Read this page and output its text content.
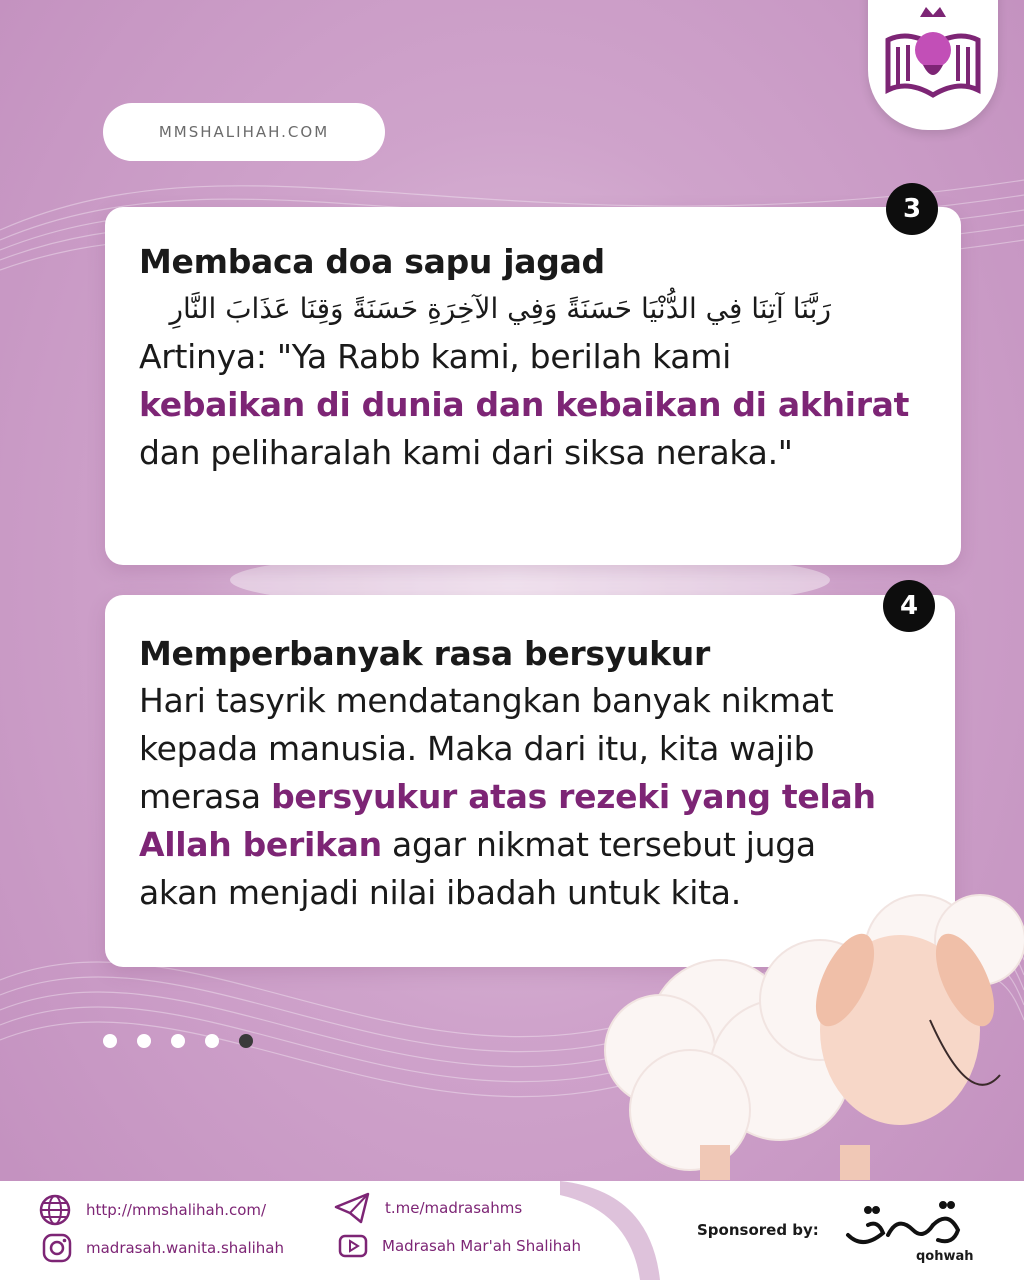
MMSHALIHAH.COM
Membaca doa sapu jagad
رَبَّنَا آتِنَا فِي الدُّنْيَا حَسَنَةً وَفِي الآخِرَةِ حَسَنَةً وَقِنَا عَذَابَ النَّارِ
Artinya: "Ya Rabb kami, berilah kami
kebaikan di dunia dan kebaikan di akhirat
dan peliharalah kami dari siksa neraka."
3
Memperbanyak rasa bersyukur
Hari tasyrik mendatangkan banyak nikmat kepada manusia. Maka dari itu, kita wajib merasa bersyukur atas rezeki yang telah Allah berikan agar nikmat tersebut juga akan menjadi nilai ibadah untuk kita.
4
http://mmshalihah.com/
madrasah.wanita.shalihah
t.me/madrasahms
Madrasah Mar'ah Shalihah
Sponsored by:
qohwah
